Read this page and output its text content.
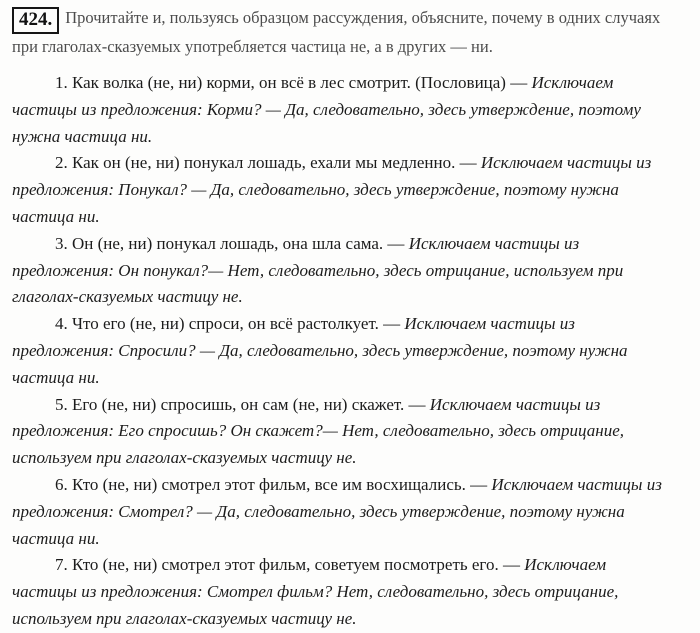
424. Прочитайте и, пользуясь образцом рассуждения, объясните, почему в одних случаях при глаголах-сказуемых употребляется частица не, а в других — ни.

1. Как волка (не, ни) корми, он всё в лес смотрит. (Пословица) — Исключаем частицы из предложения: Корми? — Да, следовательно, здесь утверждение, поэтому нужна частица ни.

2. Как он (не, ни) понукал лошадь, ехали мы медленно. — Исключаем частицы из предложения: Понукал? — Да, следовательно, здесь утверждение, поэтому нужна частица ни.

3. Он (не, ни) понукал лошадь, она шла сама. — Исключаем частицы из предложения: Он понукал?— Нет, следовательно, здесь отрицание, используем при глаголах-сказуемых частицу не.

4. Что его (не, ни) спроси, он всё растолкует. — Исключаем частицы из предложения: Спросили? — Да, следовательно, здесь утверждение, поэтому нужна частица ни.

5. Его (не, ни) спросишь, он сам (не, ни) скажет. — Исключаем частицы из предложения: Его спросишь? Он скажет?— Нет, следовательно, здесь отрицание, используем при глаголах-сказуемых частицу не.

6. Кто (не, ни) смотрел этот фильм, все им восхищались. — Исключаем частицы из предложения: Смотрел? — Да, следовательно, здесь утверждение, поэтому нужна частица ни.

7. Кто (не, ни) смотрел этот фильм, советуем посмотреть его. — Исключаем частицы из предложения: Смотрел фильм? Нет, следовательно, здесь отрицание, используем при глаголах-сказуемых частицу не.
